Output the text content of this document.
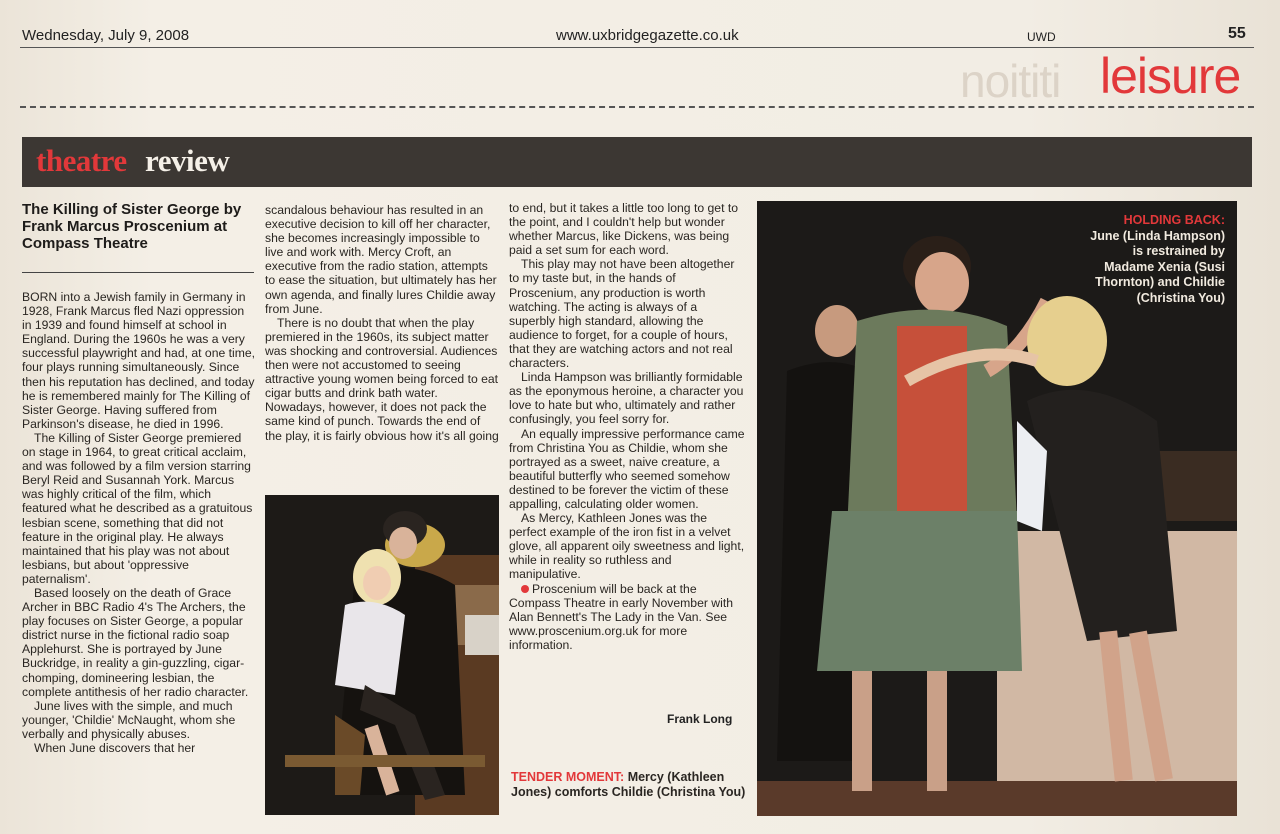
Wednesday, July 9, 2008	www.uxbridgegazette.co.uk	UWD	55
noititi leisure
theatre review
The Killing of Sister George by Frank Marcus Proscenium at Compass Theatre

BORN into a Jewish family in Germany in 1928, Frank Marcus fled Nazi oppression in 1939 and found himself at school in England. During the 1960s he was a very successful playwright and had, at one time, four plays running simultaneously. Since then his reputation has declined, and today he is remembered mainly for The Killing of Sister George. Having suffered from Parkinson's disease, he died in 1996.

The Killing of Sister George premiered on stage in 1964, to great critical acclaim, and was followed by a film version starring Beryl Reid and Susannah York. Marcus was highly critical of the film, which featured what he described as a gratuitous lesbian scene, something that did not feature in the original play. He always maintained that his play was not about lesbians, but about 'oppressive paternalism'.

Based loosely on the death of Grace Archer in BBC Radio 4's The Archers, the play focuses on Sister George, a popular district nurse in the fictional radio soap Applehurst. She is portrayed by June Buckridge, in reality a gin-guzzling, cigar-chomping, domineering lesbian, the complete antithesis of her radio character.

June lives with the simple, and much younger, 'Childie' McNaught, whom she verbally and physically abuses.

When June discovers that her

scandalous behaviour has resulted in an executive decision to kill off her character, she becomes increasingly impossible to live and work with. Mercy Croft, an executive from the radio station, attempts to ease the situation, but ultimately has her own agenda, and finally lures Childie away from June.

There is no doubt that when the play premiered in the 1960s, its subject matter was shocking and controversial. Audiences then were not accustomed to seeing attractive young women being forced to eat cigar butts and drink bath water. Nowadays, however, it does not pack the same kind of punch. Towards the end of the play, it is fairly obvious how it's all going

to end, but it takes a little too long to get to the point, and I couldn't help but wonder whether Marcus, like Dickens, was being paid a set sum for each word.

This play may not have been altogether to my taste but, in the hands of Proscenium, any production is worth watching. The acting is always of a superbly high standard, allowing the audience to forget, for a couple of hours, that they are watching actors and not real characters.

Linda Hampson was brilliantly formidable as the eponymous heroine, a character you love to hate but who, ultimately and rather confusingly, you feel sorry for.

An equally impressive performance came from Christina You as Childie, whom she portrayed as a sweet, naive creature, a beautiful butterfly who seemed somehow destined to be forever the victim of these appalling, calculating older women.

As Mercy, Kathleen Jones was the perfect example of the iron fist in a velvet glove, all apparent oily sweetness and light, while in reality so ruthless and manipulative.

Proscenium will be back at the Compass Theatre in early November with Alan Bennett's The Lady in the Van. See www.proscenium.org.uk for more information.

Frank Long
TENDER MOMENT: Mercy (Kathleen Jones) comforts Childie (Christina You)
HOLDING BACK:
June (Linda Hampson) is restrained by Madame Xenia (Susi Thornton) and Childie (Christina You)
